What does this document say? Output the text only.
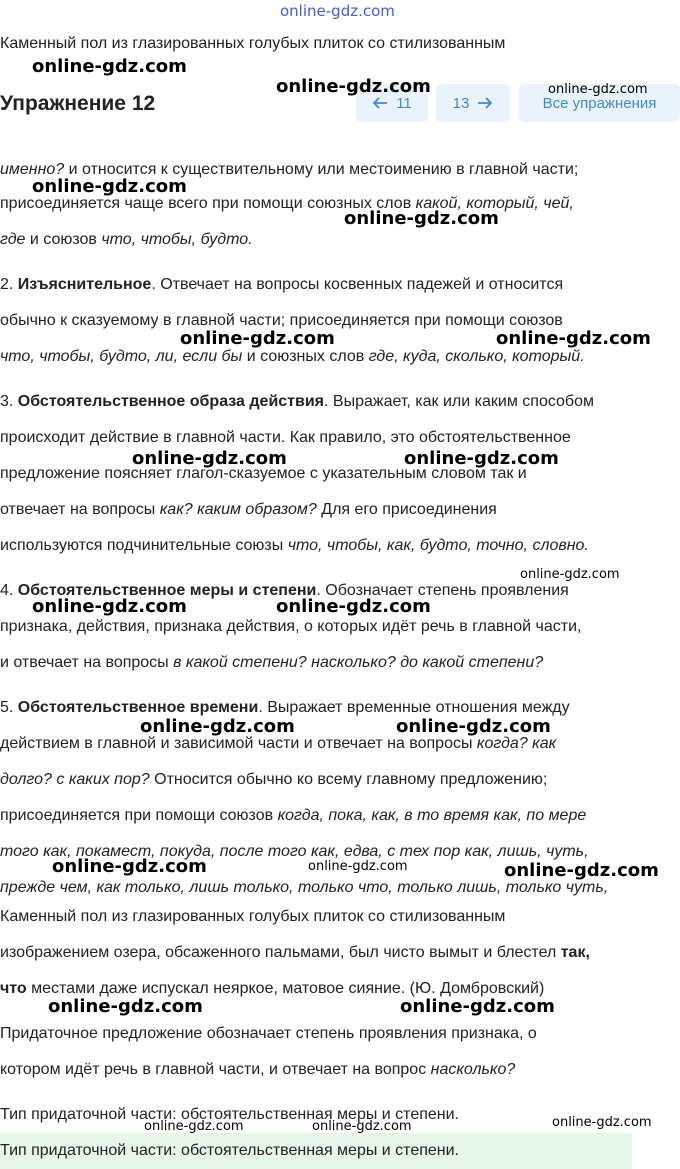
online-gdz.com
Каменный пол из глазированных голубых плиток со стилизованным
Упражнение 12	11	13	Все упражнения
именно? и относится к существительному или местоимению в главной части;
присоединяется чаще всего при помощи союзных слов какой, который, чей,
где и союзов что, чтобы, будто.
2. Изъяснительное. Отвечает на вопросы косвенных падежей и относится
обычно к сказуемому в главной части; присоединяется при помощи союзов
что, чтобы, будто, ли, если бы и союзных слов где, куда, сколько, который.
3. Обстоятельственное образа действия. Выражает, как или каким способом
происходит действие в главной части. Как правило, это обстоятельственное
предложение поясняет глагол-сказуемое с указательным словом так и
отвечает на вопросы как? каким образом? Для его присоединения
используются подчинительные союзы что, чтобы, как, будто, точно, словно.
4. Обстоятельственное меры и степени. Обозначает степень проявления
признака, действия, признака действия, о которых идёт речь в главной части,
и отвечает на вопросы в какой степени? насколько? до какой степени?
5. Обстоятельственное времени. Выражает временные отношения между
действием в главной и зависимой части и отвечает на вопросы когда? как
долго? с каких пор? Относится обычно ко всему главному предложению;
присоединяется при помощи союзов когда, пока, как, в то время как, по мере
того как, покамест, покуда, после того как, едва, с тех пор как, лишь, чуть,
прежде чем, как только, лишь только, только что, только лишь, только чуть,
Каменный пол из глазированных голубых плиток со стилизованным
изображением озера, обсаженного пальмами, был чисто вымыт и блестел так,
что местами даже испускал неяркое, матовое сияние. (Ю. Домбровский)
Придаточное предложение обозначает степень проявления признака, о
котором идёт речь в главной части, и отвечает на вопрос насколько?
Тип придаточной части: обстоятельственная меры и степени.
Тип придаточной части: обстоятельственная меры и степени.
online-gdz.com
online-gdz.com	online-gdz.com
online-gdz.com
online-gdz.com
online-gdz.com	online-gdz.com
online-gdz.com	online-gdz.com
online-gdz.com
online-gdz.com	online-gdz.com
online-gdz.com	online-gdz.com
online-gdz.com	online-gdz.com	online-gdz.com
online-gdz.com	online-gdz.com
online-gdz.com
online-gdz.com	online-gdz.com
